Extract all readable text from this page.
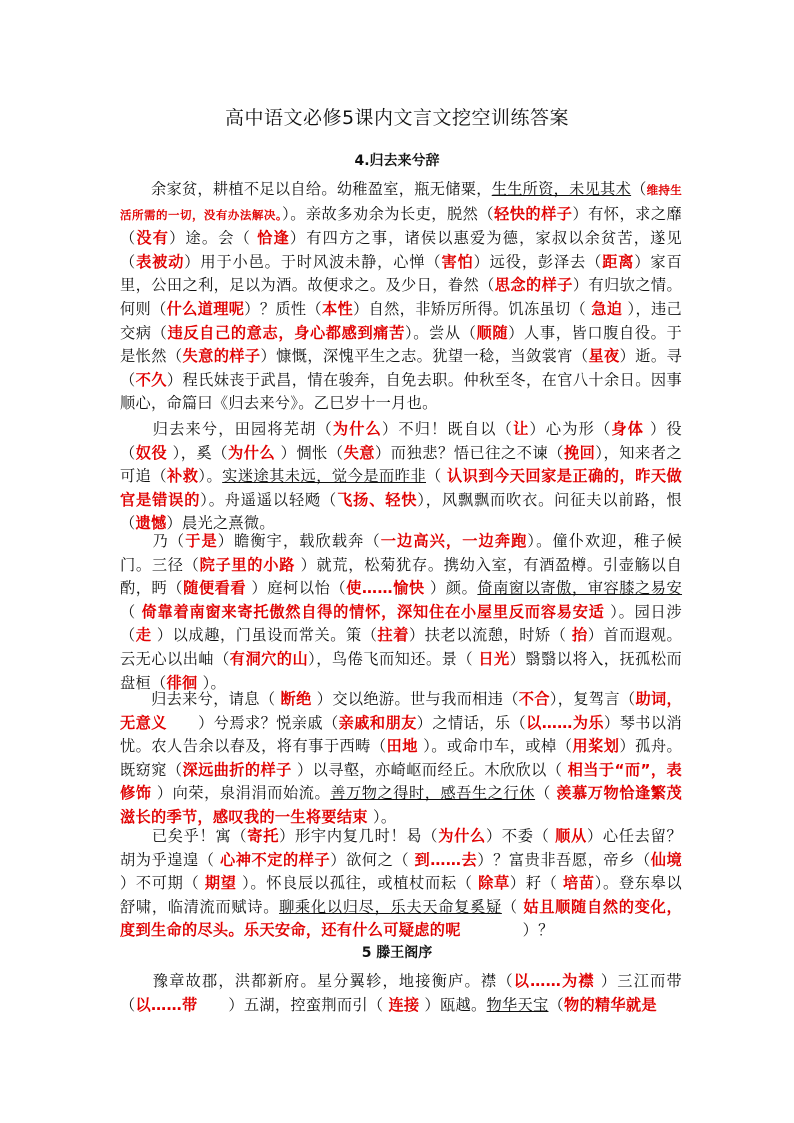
高中语文必修5课内文言文挖空训练答案
4.归去来兮辞

　　余家贫，耕植不足以自给。幼稚盈室，瓶无储粟，生生所资，未见其术（维持生活所需的一切，没有办法解决。）。亲故多劝余为长吏，脱然（轻快的样子）有怀，求之靡（没有）途。会（ 恰逢）有四方之事，诸侯以惠爱为德，家叔以余贫苦，遂见（表被动）用于小邑。于时风波未静，心惮（害怕）远役，彭泽去（距离）家百里，公田之利，足以为酒。故便求之。及少日，眷然（思念的样子）有归欤之情。何则（什么道理呢）？质性（本性）自然，非矫厉所得。饥冻虽切（ 急迫 ），违己交病（违反自己的意志，身心都感到痛苦）。尝从（顺随）人事，皆口腹自役。于是怅然（失意的样子）慷慨，深愧平生之志。犹望一稔，当敛裳宵（星夜）逝。寻（不久）程氏妹丧于武昌，情在骏奔，自免去职。仲秋至冬，在官八十余日。因事顺心，命篇曰《归去来兮》。乙巳岁十一月也。

　　归去来兮，田园将芜胡（为什么）不归！既自以（让）心为形（身体 ）役（奴役 ），奚（为什么 ）惆怅（失意）而独悲？悟已往之不谏（挽回），知来者之可追（补救）。实迷途其未远，觉今是而昨非（ 认识到今天回家是正确的，昨天做官是错误的）。舟遥遥以轻飏（飞扬、轻快），风飘飘而吹衣。问征夫以前路，恨（遗憾）晨光之熹微。

　　乃（于是）瞻衡宇，载欣载奔（一边高兴，一边奔跑）。僮仆欢迎，稚子候门。三径（院子里的小路 ）就荒，松菊犹存。携幼入室，有酒盈樽。引壶觞以自酌，眄（随便看看 ）庭柯以怡（使……愉快 ）颜。倚南窗以寄傲，审容膝之易安（ 倚靠着南窗来寄托傲然自得的情怀，深知住在小屋里反而容易安适 ）。园日涉（走 ）以成趣，门虽设而常关。策（拄着）扶老以流憩，时矫（ 抬）首而遐观。云无心以出岫（有洞穴的山），鸟倦飞而知还。景（ 日光）翳翳以将入，抚孤松而盘桓（徘徊 ）。

　　归去来兮，请息（ 断绝 ）交以绝游。世与我而相违（不合），复驾言（助词，无意义　　）兮焉求？悦亲戚（亲戚和朋友）之情话，乐（以……为乐）琴书以消忧。农人告余以春及，将有事于西畴（田地 ）。或命巾车，或棹（用桨划）孤舟。既窈窕（深远曲折的样子 ）以寻壑，亦崎岖而经丘。木欣欣以（ 相当于“而”，表修饰 ）向荣，泉涓涓而始流。善万物之得时，感吾生之行休（ 羡慕万物恰逢繁茂滋长的季节，感叹我的一生将要结束 ）。

　　已矣乎！寓（寄托）形宇内复几时！曷（为什么）不委（ 顺从）心任去留？胡为乎遑遑（ 心神不定的样子）欲何之（ 到……去）？富贵非吾愿，帝乡（仙境 ）不可期（ 期望 ）。怀良辰以孤往，或植杖而耘（ 除草）耔（ 培苗）。登东皋以舒啸，临清流而赋诗。聊乘化以归尽，乐夫天命复奚疑（ 姑且顺随自然的变化，度到生命的尽头。乐天安命，还有什么可疑虑的呢　　　　）？

5 滕王阁序

　　豫章故郡，洪都新府。星分翼轸，地接衡庐。襟（以……为襟 ）三江而带（以……带　　）五湖，控蛮荆而引（ 连接 ）瓯越。物华天宝（物的精华就是
